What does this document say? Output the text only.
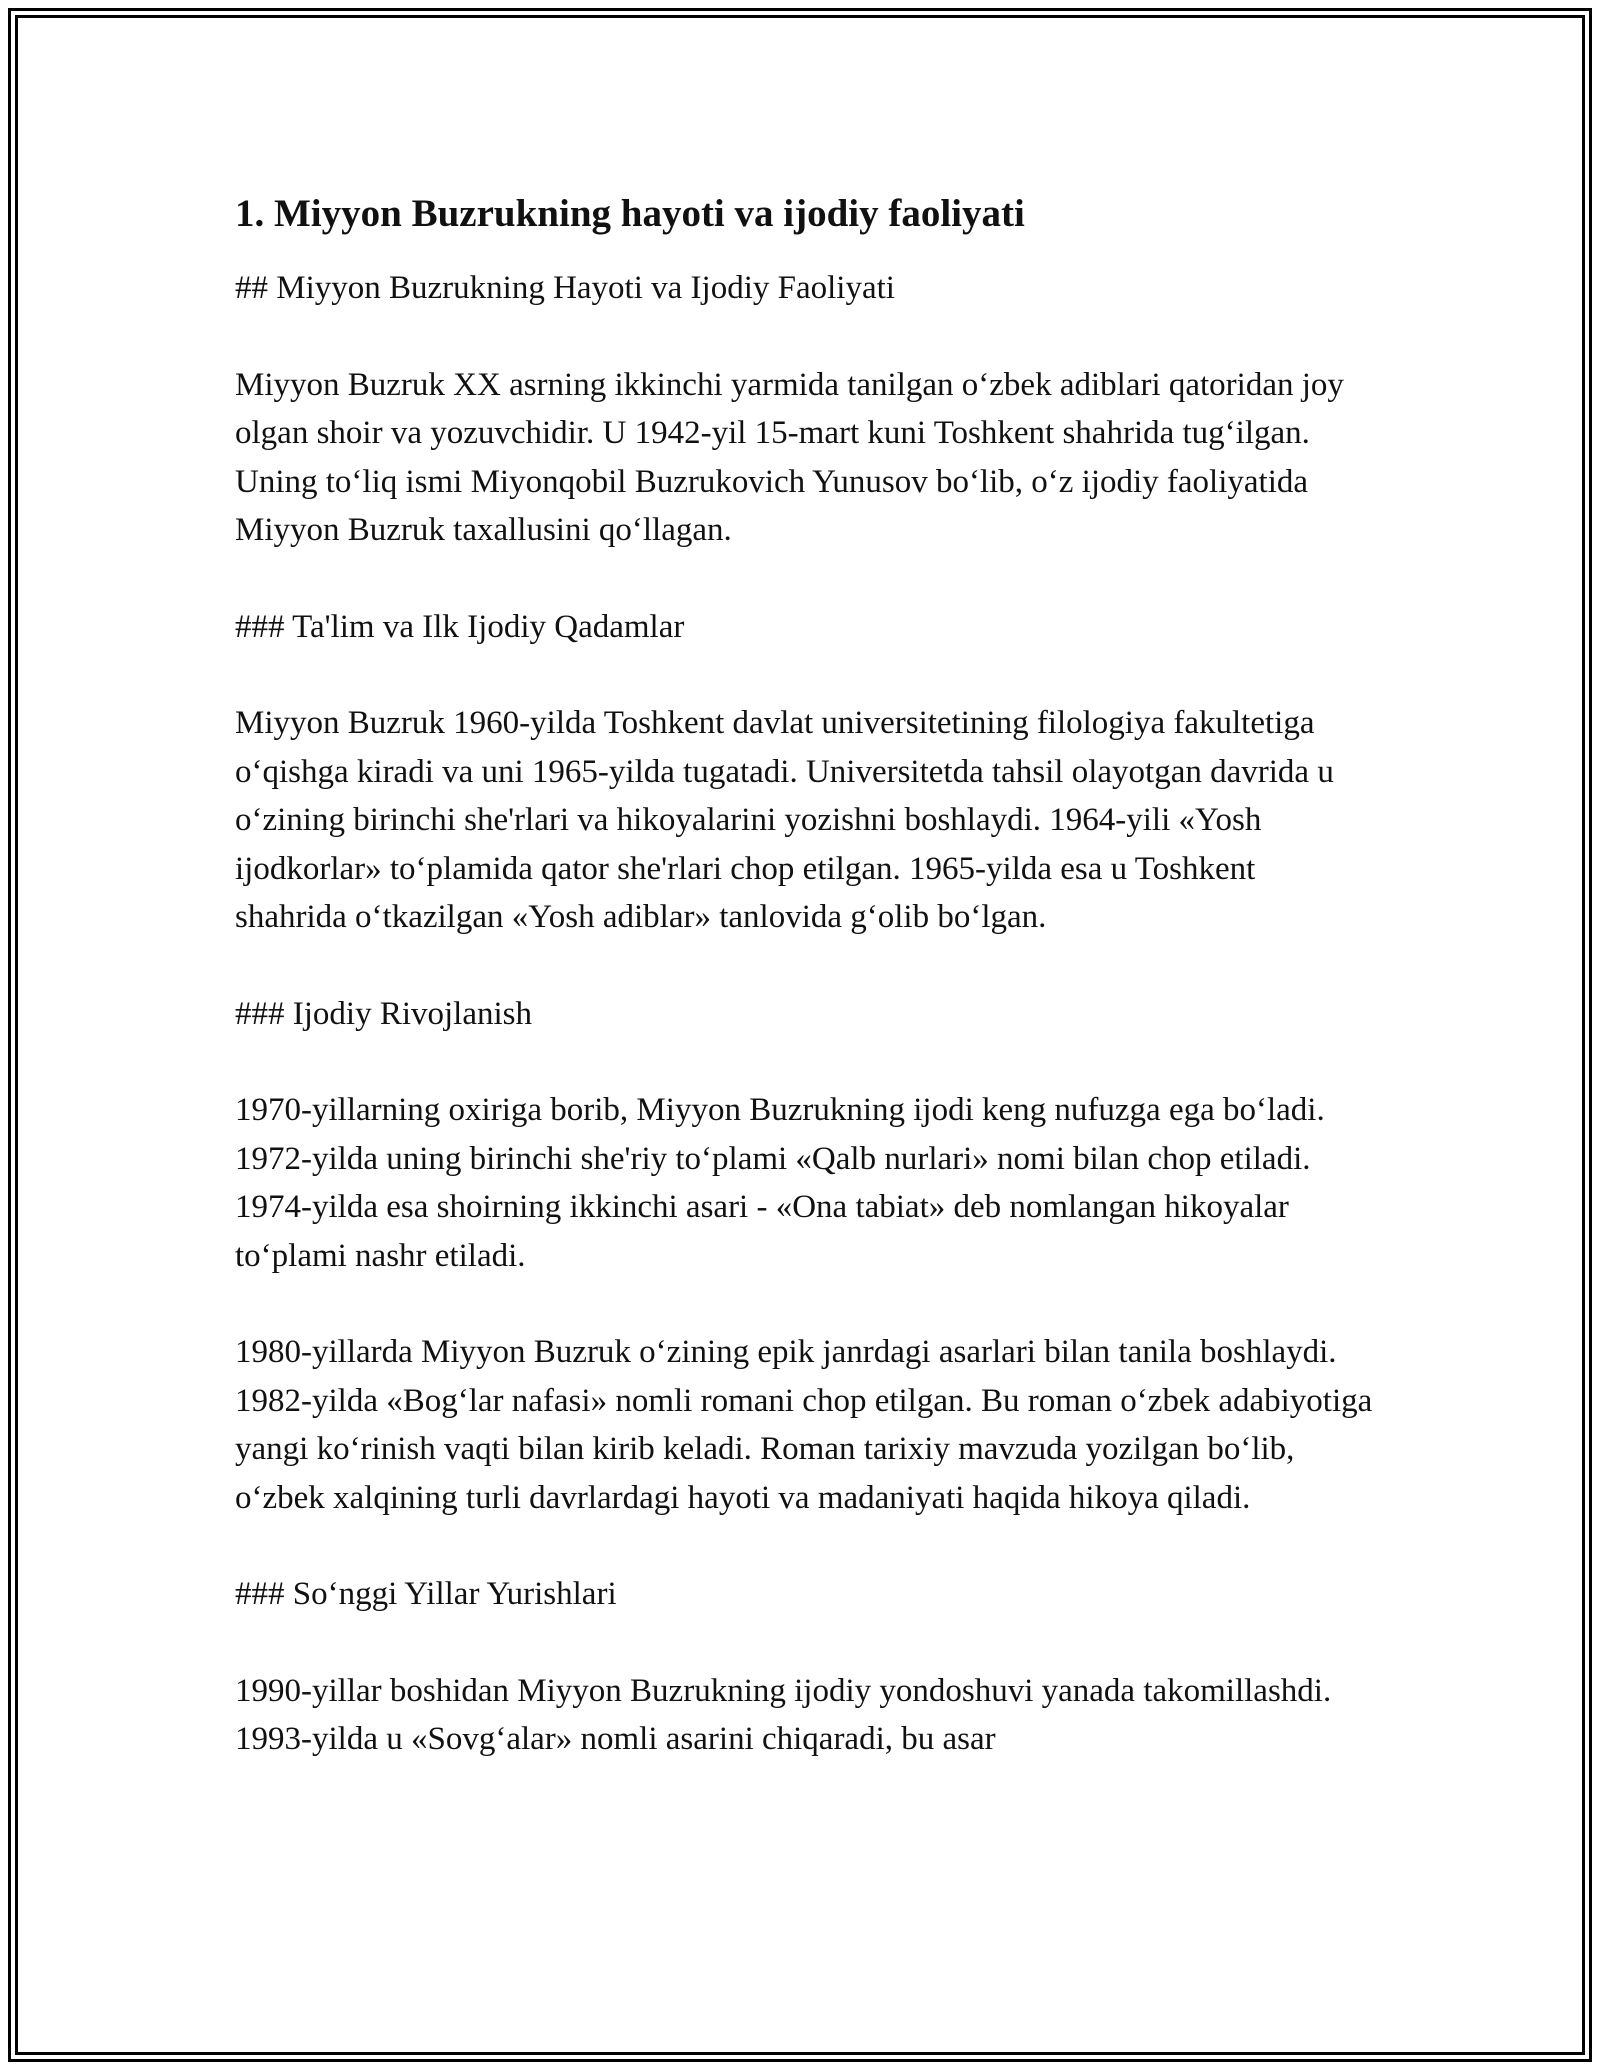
1. Miyyon Buzrukning hayoti va ijodiy faoliyati

## Miyyon Buzrukning Hayoti va Ijodiy Faoliyati

Miyyon Buzruk XX asrning ikkinchi yarmida tanilgan o‘zbek adiblari qatoridan joy olgan shoir va yozuvchidir. U 1942-yil 15-mart kuni Toshkent shahrida tug‘ilgan. Uning to‘liq ismi Miyonqobil Buzrukovich Yunusov bo‘lib, o‘z ijodiy faoliyatida Miyyon Buzruk taxallusini qo‘llagan.

### Ta'lim va Ilk Ijodiy Qadamlar

Miyyon Buzruk 1960-yilda Toshkent davlat universitetining filologiya fakultetiga o‘qishga kiradi va uni 1965-yilda tugatadi. Universitetda tahsil olayotgan davrida u o‘zining birinchi she'rlari va hikoyalarini yozishni boshlaydi. 1964-yili «Yosh ijodkorlar» to‘plamida qator she'rlari chop etilgan. 1965-yilda esa u Toshkent shahrida o‘tkazilgan «Yosh adiblar» tanlovida g‘olib bo‘lgan.

### Ijodiy Rivojlanish

1970-yillarning oxiriga borib, Miyyon Buzrukning ijodi keng nufuzga ega bo‘ladi. 1972-yilda uning birinchi she'riy to‘plami «Qalb nurlari» nomi bilan chop etiladi. 1974-yilda esa shoirning ikkinchi asari - «Ona tabiat» deb nomlangan hikoyalar to‘plami nashr etiladi.

1980-yillarda Miyyon Buzruk o‘zining epik janrdagi asarlari bilan tanila boshlaydi. 1982-yilda «Bog‘lar nafasi» nomli romani chop etilgan. Bu roman o‘zbek adabiyotiga yangi ko‘rinish vaqti bilan kirib keladi. Roman tarixiy mavzuda yozilgan bo‘lib, o‘zbek xalqining turli davrlardagi hayoti va madaniyati haqida hikoya qiladi.

### So‘nggi Yillar Yurishlari

1990-yillar boshidan Miyyon Buzrukning ijodiy yondoshuvi yanada takomillashdi. 1993-yilda u «Sovg‘alar» nomli asarini chiqaradi, bu asar
